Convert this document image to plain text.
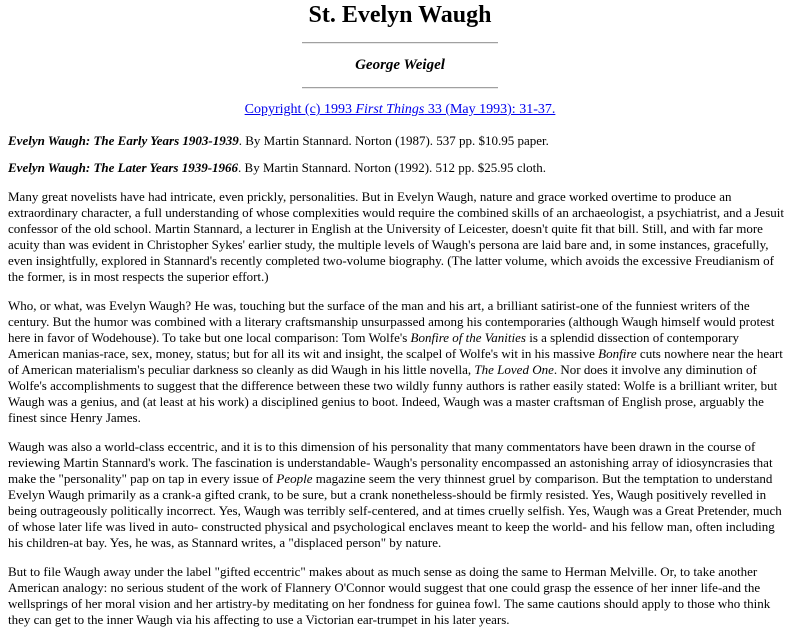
St. Evelyn Waugh

George Weigel

Copyright (c) 1993 First Things 33 (May 1993): 31-37.

Evelyn Waugh: The Early Years 1903-1939. By Martin Stannard. Norton (1987). 537 pp. $10.95 paper.

Evelyn Waugh: The Later Years 1939-1966. By Martin Stannard. Norton (1992). 512 pp. $25.95 cloth.

Many great novelists have had intricate, even prickly, personalities. But in Evelyn Waugh, nature and grace worked overtime to produce an extraordinary character, a full understanding of whose complexities would require the combined skills of an archaeologist, a psychiatrist, and a Jesuit confessor of the old school. Martin Stannard, a lecturer in English at the University of Leicester, doesn't quite fit that bill. Still, and with far more acuity than was evident in Christopher Sykes' earlier study, the multiple levels of Waugh's persona are laid bare and, in some instances, gracefully, even insightfully, explored in Stannard's recently completed two-volume biography. (The latter volume, which avoids the excessive Freudianism of the former, is in most respects the superior effort.)

Who, or what, was Evelyn Waugh? He was, touching but the surface of the man and his art, a brilliant satirist-one of the funniest writers of the century. But the humor was combined with a literary craftsmanship unsurpassed among his contemporaries (although Waugh himself would protest here in favor of Wodehouse). To take but one local comparison: Tom Wolfe's Bonfire of the Vanities is a splendid dissection of contemporary American manias-race, sex, money, status; but for all its wit and insight, the scalpel of Wolfe's wit in his massive Bonfire cuts nowhere near the heart of American materialism's peculiar darkness so cleanly as did Waugh in his little novella, The Loved One. Nor does it involve any diminution of Wolfe's accomplishments to suggest that the difference between these two wildly funny authors is rather easily stated: Wolfe is a brilliant writer, but Waugh was a genius, and (at least at his work) a disciplined genius to boot. Indeed, Waugh was a master craftsman of English prose, arguably the finest since Henry James.

Waugh was also a world-class eccentric, and it is to this dimension of his personality that many commentators have been drawn in the course of reviewing Martin Stannard's work. The fascination is understandable- Waugh's personality encompassed an astonishing array of idiosyncrasies that make the "personality" pap on tap in every issue of People magazine seem the very thinnest gruel by comparison. But the temptation to understand Evelyn Waugh primarily as a crank-a gifted crank, to be sure, but a crank nonetheless-should be firmly resisted. Yes, Waugh positively revelled in being outrageously politically incorrect. Yes, Waugh was terribly self-centered, and at times cruelly selfish. Yes, Waugh was a Great Pretender, much of whose later life was lived in auto- constructed physical and psychological enclaves meant to keep the world- and his fellow man, often including his children-at bay. Yes, he was, as Stannard writes, a "displaced person" by nature.

But to file Waugh away under the label "gifted eccentric" makes about as much sense as doing the same to Herman Melville. Or, to take another American analogy: no serious student of the work of Flannery O'Connor would suggest that one could grasp the essence of her inner life-and the wellsprings of her moral vision and her artistry-by meditating on her fondness for guinea fowl. The same cautions should apply to those who think they can get to the inner Waugh via his affecting to use a Victorian ear-trumpet in his later years.
